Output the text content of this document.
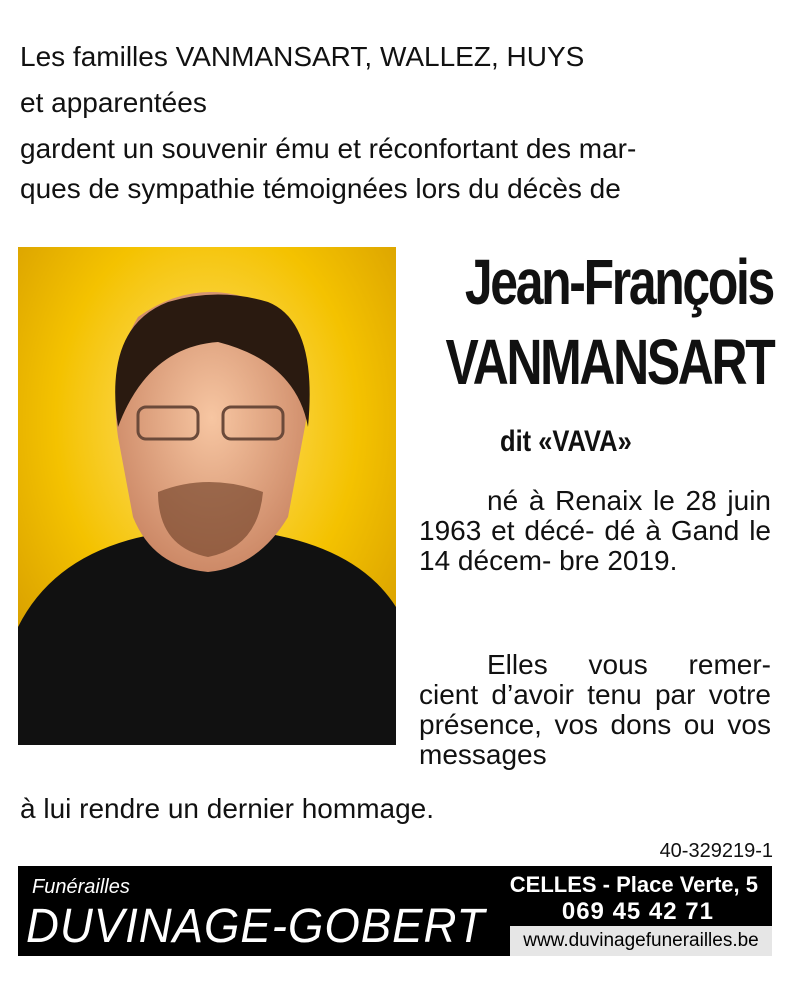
Les familles VANMANSART, WALLEZ, HUYS
et apparentées
gardent un souvenir ému et réconfortant des mar-
ques de sympathie témoignées lors du décès de
Jean-François
VANMANSART
dit «VAVA»
né à Renaix le 28 juin 1963 et décé- dé à Gand le 14 décem- bre 2019.
Elles vous remer- cient d’avoir tenu par votre présence, vos dons ou vos messages
à lui rendre un dernier hommage.
40-329219-1
Funérailles
DUVINAGE-GOBERT
CELLES - Place Verte, 5
069 45 42 71
www.duvinagefunerailles.be
